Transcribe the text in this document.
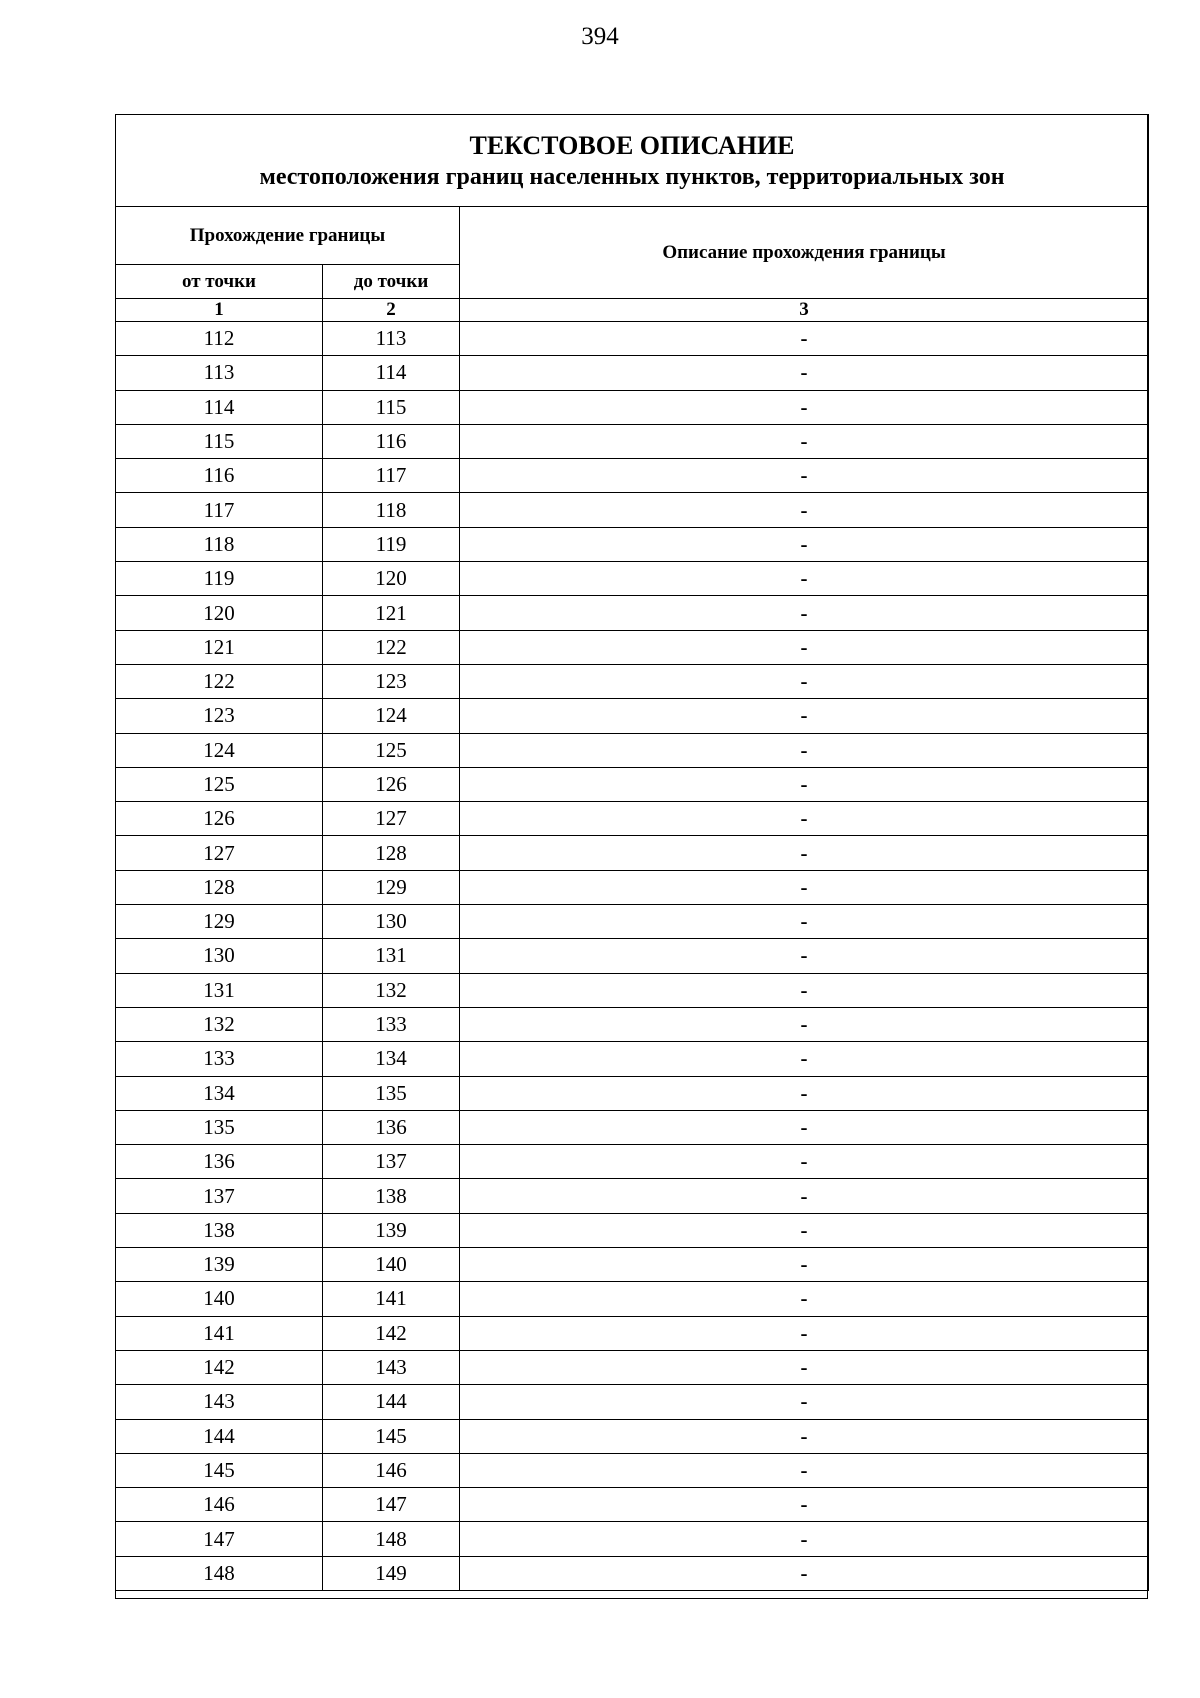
394
ТЕКСТОВОЕ ОПИСАНИЕ
местоположения границ населенных пунктов, территориальных зон		

Прохождение границы		Описание прохождения границы
от точки	до точки	
1	2	3
112	113	-
113	114	-
114	115	-
115	116	-
116	117	-
117	118	-
118	119	-
119	120	-
120	121	-
121	122	-
122	123	-
123	124	-
124	125	-
125	126	-
126	127	-
127	128	-
128	129	-
129	130	-
130	131	-
131	132	-
132	133	-
133	134	-
134	135	-
135	136	-
136	137	-
137	138	-
138	139	-
139	140	-
140	141	-
141	142	-
142	143	-
143	144	-
144	145	-
145	146	-
146	147	-
147	148	-
148	149	-
